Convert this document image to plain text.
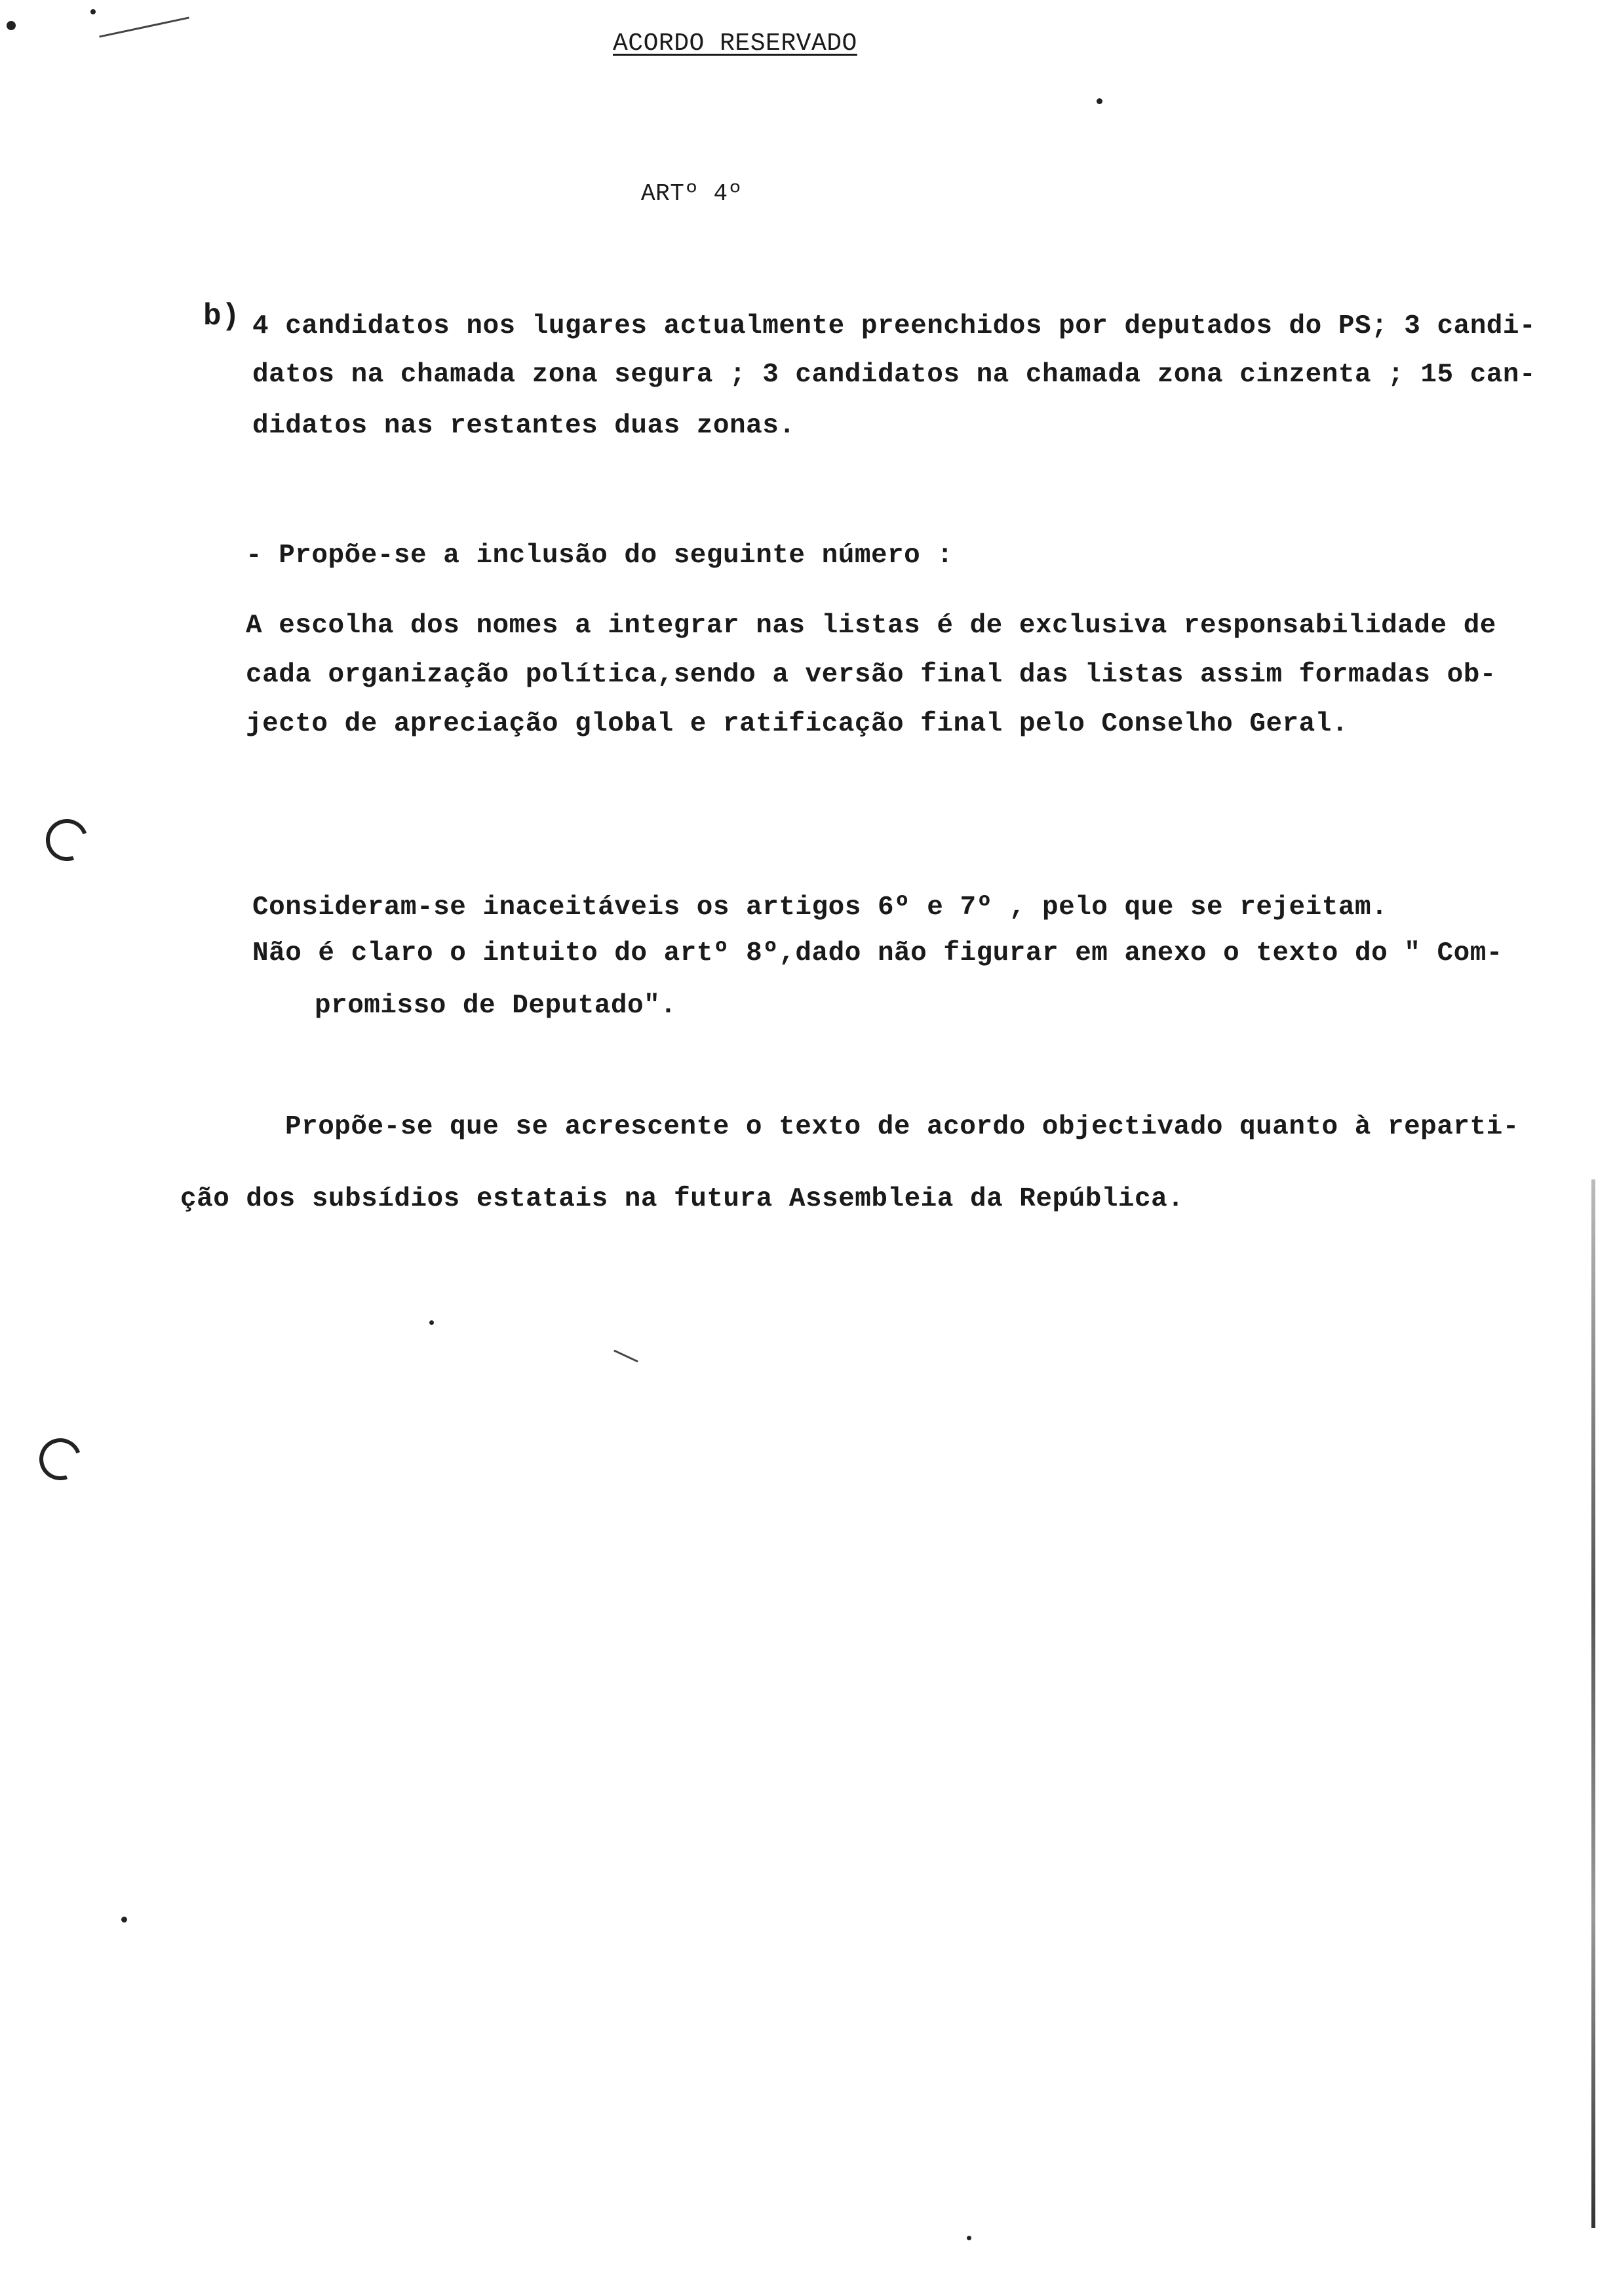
ACORDO RESERVADO
ARTº 4º
b) 4 candidatos nos lugares actualmente preenchidos por deputados do PS; 3 candi-
datos na chamada zona segura ; 3 candidatos na chamada zona cinzenta ; 15 can-
didatos nas restantes duas zonas.
- Propõe-se a inclusão do seguinte número :
A escolha dos nomes a integrar nas listas é de exclusiva responsabilidade de
cada organização política,sendo a versão final das listas assim formadas ob-
jecto de apreciação global e ratificação final pelo Conselho Geral.
Consideram-se inaceitáveis os artigos 6º e 7º , pelo que se rejeitam.
Não é claro o intuito do artº 8º,dado não figurar em anexo o texto do " Com-
promisso de Deputado".
Propõe-se que se acrescente o texto de acordo objectivado quanto à reparti-
ção dos subsídios estatais na futura Assembleia da República.
